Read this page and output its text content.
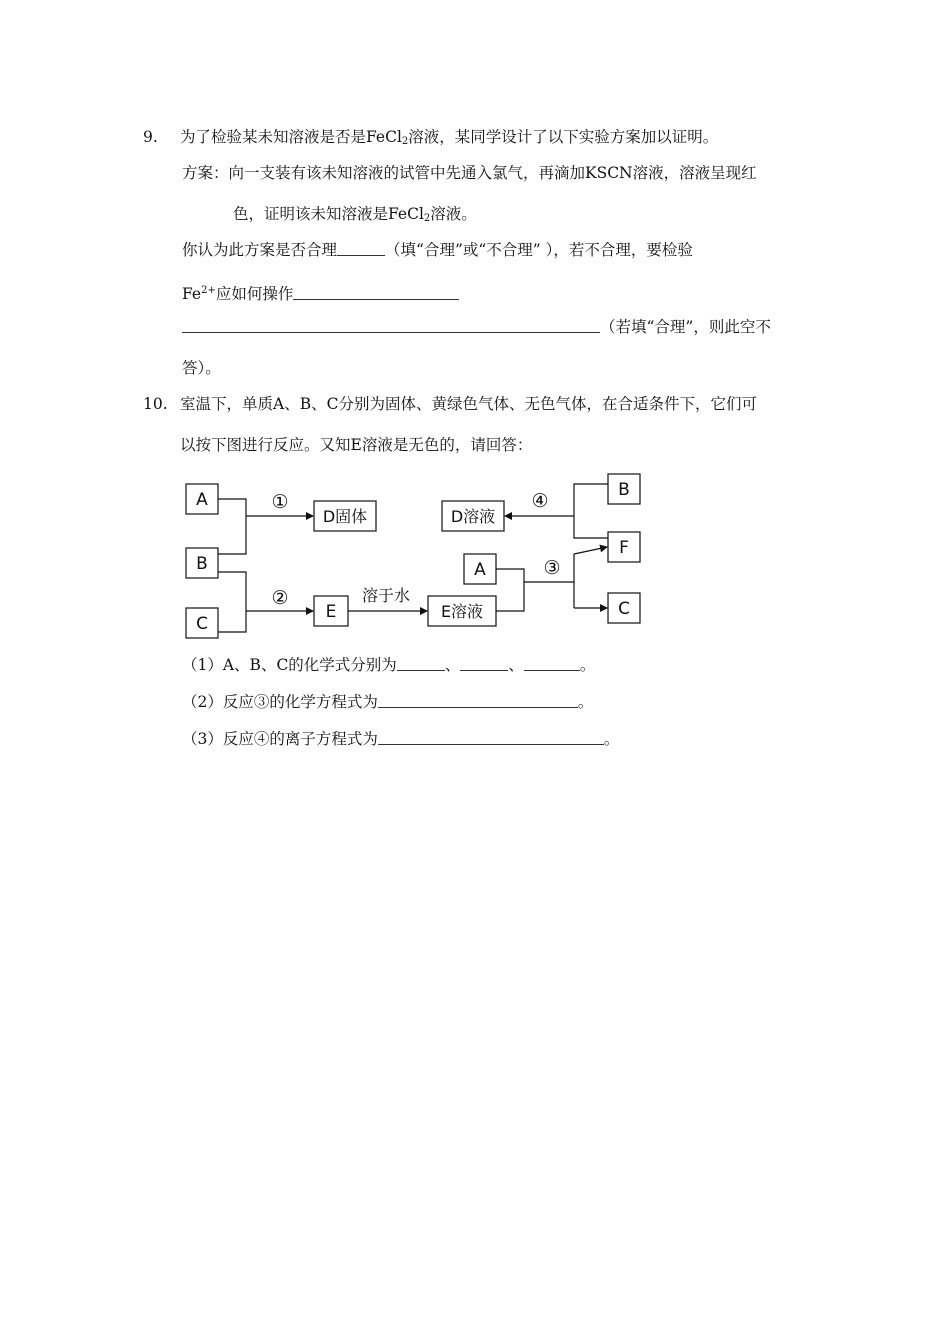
9. 为了检验某未知溶液是否是FeCl$_2$溶液，某同学设计了以下实验方案加以证明。
方案：向一支装有该未知溶液的试管中先通入氯气，再滴加KSCN溶液，溶液呈现红
色，证明该未知溶液是FeCl$_2$溶液。
你认为此方案是否合理	（填“合理”或“不合理” ），若不合理，要检验
$Fe^{2+}$应如何操作
（若填“合理”，则此空不
答）。
10. 室温下，单质A、B、C分别为固体、黄绿色气体、无色气体，在合适条件下，它们可
以按下图进行反应。又知E溶液是无色的，请回答：
A
B
C
D固体
E	E溶液
A
D溶液
B
F
C
①
②
③
④
溶于水
（1）A、B、C的化学式分别为	、	、	。
（2）反应③的化学方程式为	。
（3）反应④的离子方程式为	。
